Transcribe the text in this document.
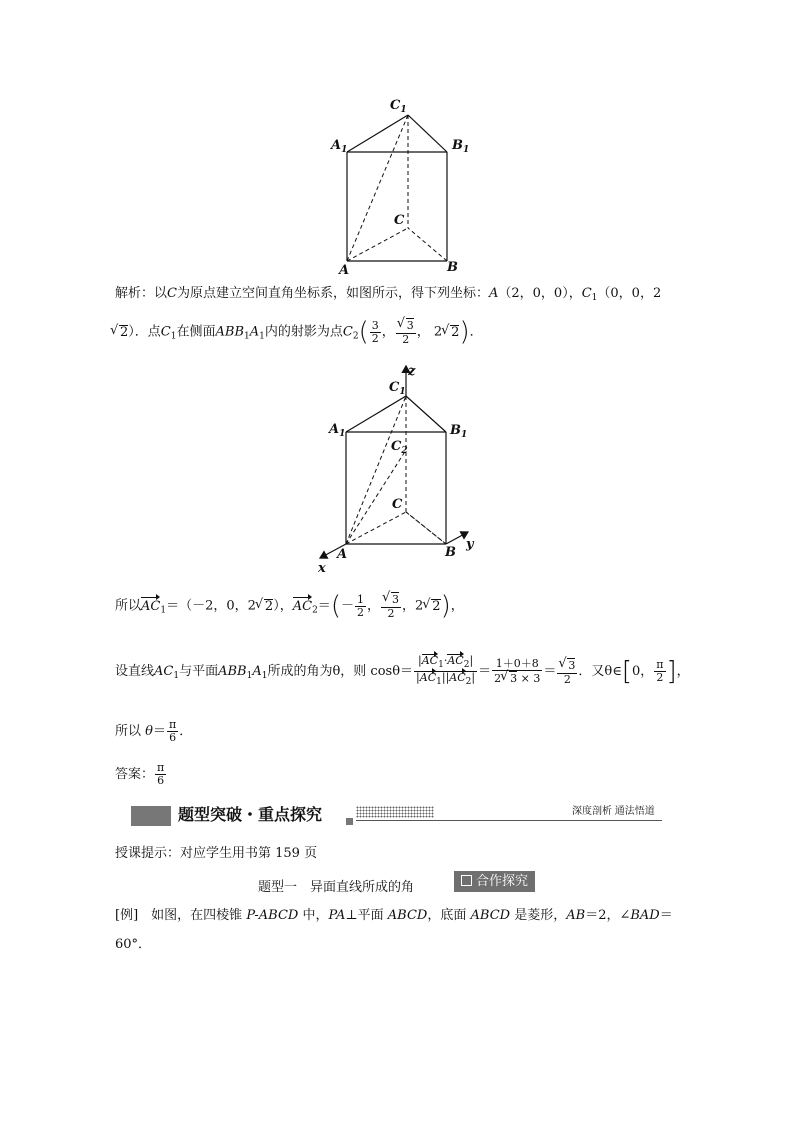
$C_1$
$A_1$	$B_1$
C
A	B
解析：以C为原点建立空间直角坐标系，如图所示，得下列坐标：A（2，0，0），$C_1(0$，0，2
√ 2）．点$C_1$在侧面$ABB_1A_1$内的射影为点$C_2( \frac{3}{2}$ ， √ $\frac{3}{2}$ ， 2 √ 2)．
z
$C_1$
$A_1$	$B_1$
$C_2$
C
A	B
x
y
所以$AC_1=(-2$，0，2 √ 2），$AC_2=(- \frac{1}{2}$ ， √ $\frac{3}{2}$ ，2 √ 2)，
设直线$AC_1$与平面$ABB_1A_1$所成的角为θ，则 $\cos\theta= \frac{|AC_1\cdot AC_2|}{|AC_1||AC_2|} = \frac{1+0+8}{2 √ 3 \times 3}$ ＝ √ $\frac{3}{2}$ ．又θ∈[0， $\frac{\pi}{2}$ ]，
所以 $\theta= \frac{\pi}{6}$ ．
答案： $\frac{\pi}{6}$
题型突破・重点探究	深度剖析 通法悟道
授课提示：对应学生用书第 159 页
题型一　异面直线所成的角	合作探究
[例]　 如图，在四棱锥 P-ABCD 中，PA⊥平面 ABCD，底面 ABCD 是菱形，AB＝2，∠BAD＝
60°．
